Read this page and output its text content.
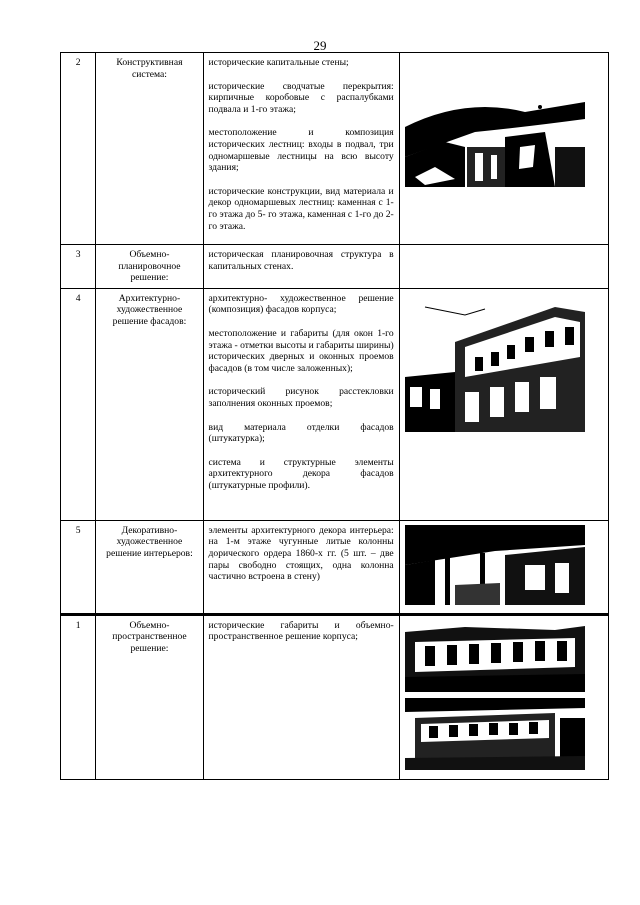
29
2	Конструктивная система:	исторические капитальные стены;

исторические сводчатые перекрытия: кирпичные коробовые с распалубками подвала и 1-го этажа;

местоположение и композиция исторических лестниц: входы в подвал, три одномаршевые лестницы на всю высоту здания;

исторические конструкции, вид материала и декор одномаршевых лестниц: каменная с 1-го этажа до 5- го этажа, каменная с 1-го до 2-го этажа.

3	Объемно-планировочное решение:	историческая планировочная структура в капитальных стенах.	

4	Архитектурно-художественное решение фасадов:	архитектурно- художественное решение (композиция) фасадов корпуса;

местоположение и габариты (для окон 1-го этажа - отметки высоты и габариты ширины) исторических дверных и оконных проемов фасадов (в том числе заложенных);

исторический рисунок расстекловки заполнения оконных проемов;

вид материала отделки фасадов (штукатурка);

система и структурные элементы архитектурного декора фасадов (штукатурные профили).

5	Декоративно-художественное решение интерьеров:	элементы архитектурного декора интерьера: на 1-м этаже чугунные литые колонны дорического ордера 1860-х гг. (5 шт. – две пары свободно стоящих, одна колонна частично встроена в стену)

1	Объемно-пространственное решение:	исторические габариты и объемно-пространственное решение корпуса;
